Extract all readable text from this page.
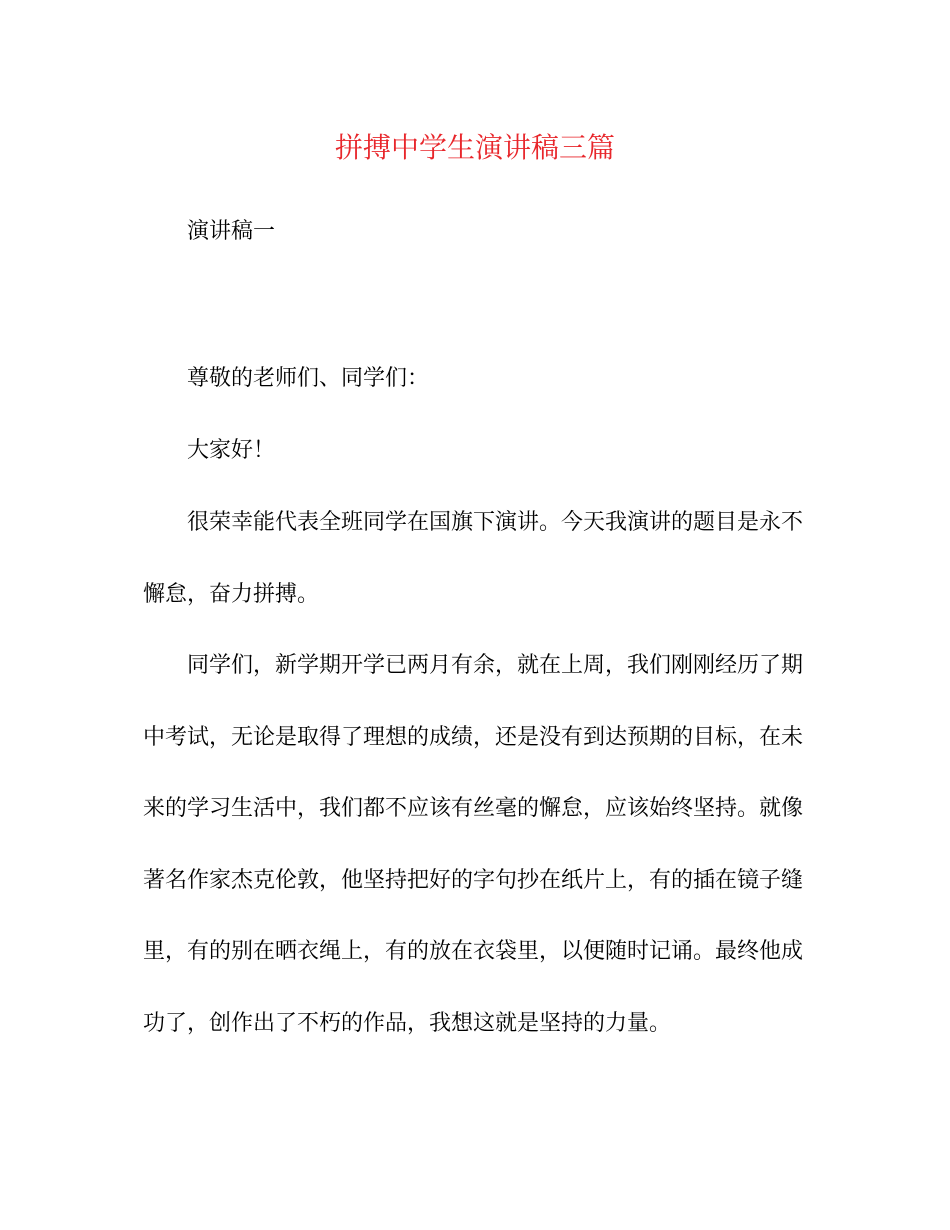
拼搏中学生演讲稿三篇
演讲稿一
尊敬的老师们、同学们：
大家好！
很荣幸能代表全班同学在国旗下演讲。今天我演讲的题目是永不懈怠，奋力拼搏。
同学们，新学期开学已两月有余，就在上周，我们刚刚经历了期中考试，无论是取得了理想的成绩，还是没有到达预期的目标，在未来的学习生活中，我们都不应该有丝毫的懈怠，应该始终坚持。就像著名作家杰克伦敦，他坚持把好的字句抄在纸片上，有的插在镜子缝里，有的别在晒衣绳上，有的放在衣袋里，以便随时记诵。最终他成功了，创作出了不朽的作品，我想这就是坚持的力量。
